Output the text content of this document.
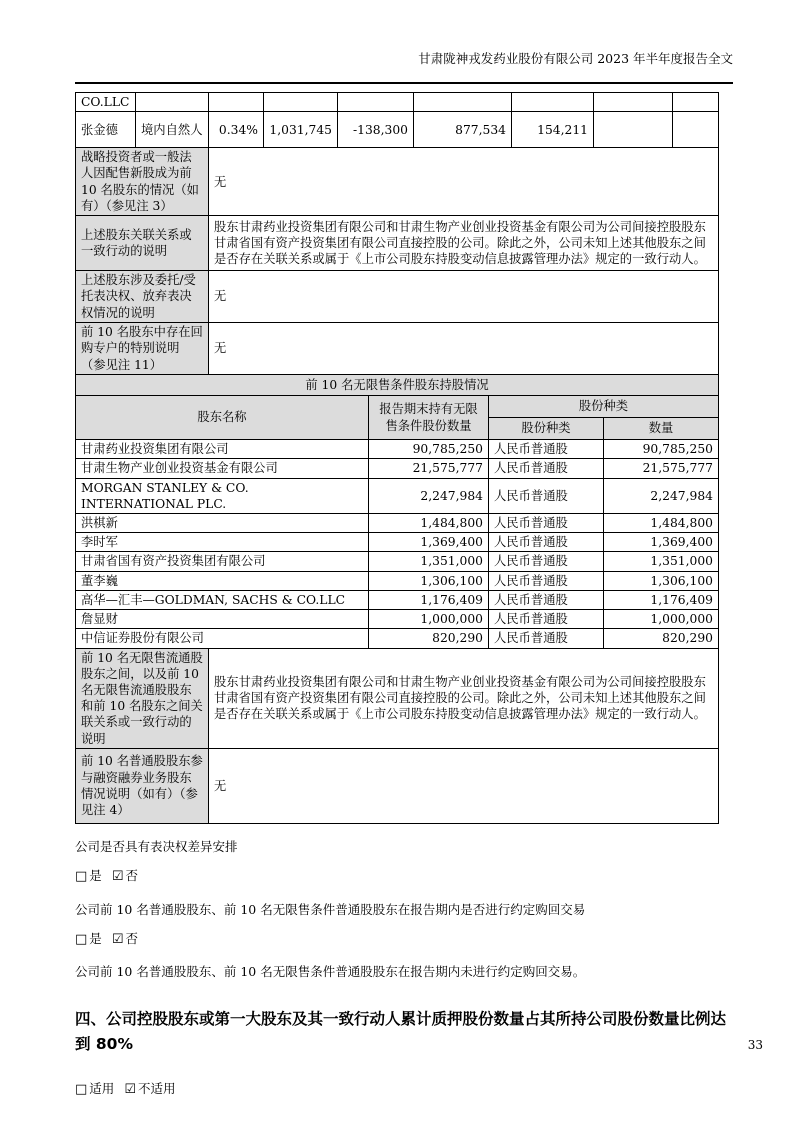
甘肃陇神戎发药业股份有限公司 2023 年半年度报告全文
CO.LLC								
张金德	境内自然人	0.34%	1,031,745	-138,300	877,534	154,211		
战略投资者或一般法人因配售新股成为前 10 名股东的情况（如有）（参见注 3）	无
上述股东关联关系或一致行动的说明	股东甘肃药业投资集团有限公司和甘肃生物产业创业投资基金有限公司为公司间接控股股东甘肃省国有资产投资集团有限公司直接控股的公司。除此之外，公司未知上述其他股东之间是否存在关联关系或属于《上市公司股东持股变动信息披露管理办法》规定的一致行动人。
上述股东涉及委托/受托表决权、放弃表决权情况的说明	无
前 10 名股东中存在回购专户的特别说明（参见注 11）	无
前 10 名无限售条件股东持股情况			
股东名称	报告期末持有无限售条件股份数量	股份种类	
		股份种类	数量
甘肃药业投资集团有限公司	90,785,250	人民币普通股	90,785,250
甘肃生物产业创业投资基金有限公司	21,575,777	人民币普通股	21,575,777
MORGAN STANLEY & CO. INTERNATIONAL PLC.	2,247,984	人民币普通股	2,247,984
洪棋新	1,484,800	人民币普通股	1,484,800
李时军	1,369,400	人民币普通股	1,369,400
甘肃省国有资产投资集团有限公司	1,351,000	人民币普通股	1,351,000
董李巍	1,306,100	人民币普通股	1,306,100
高华—汇丰—GOLDMAN, SACHS & CO.LLC	1,176,409	人民币普通股	1,176,409
詹显财	1,000,000	人民币普通股	1,000,000
中信证券股份有限公司	820,290	人民币普通股	820,290
前 10 名无限售流通股股东之间，以及前 10 名无限售流通股股东和前 10 名股东之间关联关系或一致行动的说明	股东甘肃药业投资集团有限公司和甘肃生物产业创业投资基金有限公司为公司间接控股股东甘肃省国有资产投资集团有限公司直接控股的公司。除此之外，公司未知上述其他股东之间是否存在关联关系或属于《上市公司股东持股变动信息披露管理办法》规定的一致行动人。
前 10 名普通股股东参与融资融券业务股东情况说明（如有）（参见注 4）	无
公司是否具有表决权差异安排
□ 是 ☑ 否
公司前 10 名普通股股东、前 10 名无限售条件普通股股东在报告期内是否进行约定购回交易
□ 是 ☑ 否
公司前 10 名普通股股东、前 10 名无限售条件普通股股东在报告期内未进行约定购回交易。
四、公司控股股东或第一大股东及其一致行动人累计质押股份数量占其所持公司股份数量比例达到 80%
□ 适用 ☑ 不适用
33
